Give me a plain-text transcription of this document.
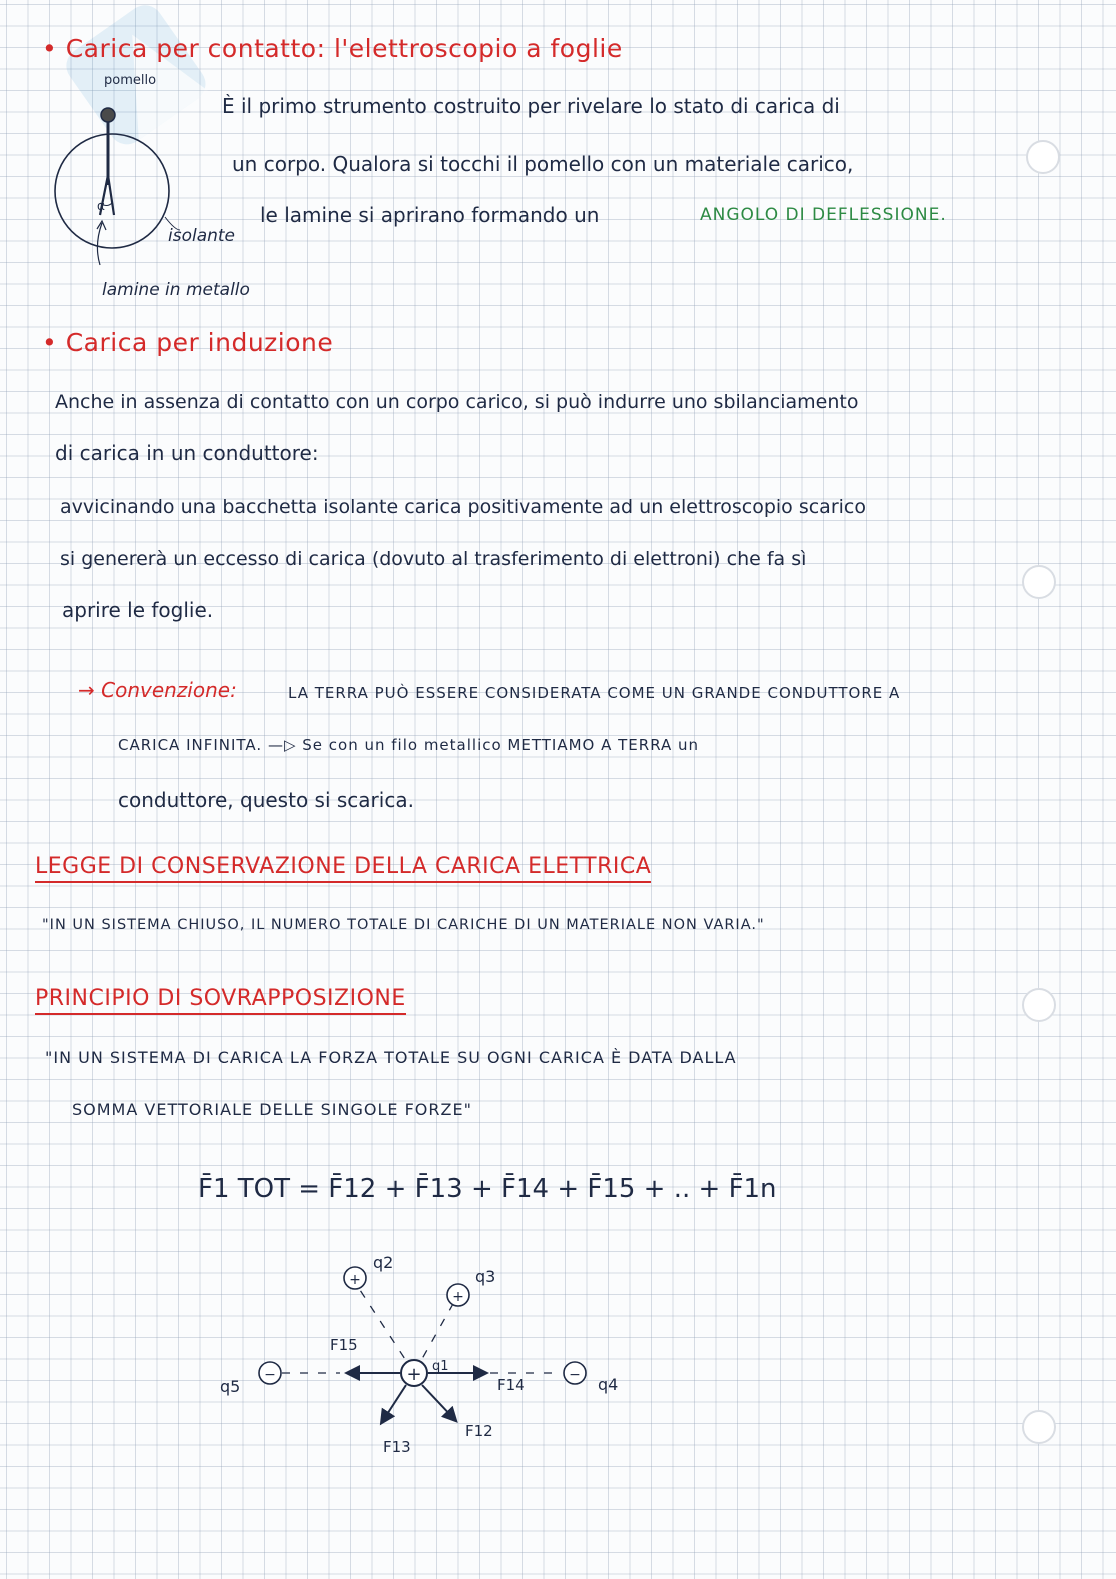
• Carica per contatto: l'elettroscopio a foglie
pomello
α
isolante
lamine in metallo
È il primo strumento costruito per rivelare lo stato di carica di
un corpo. Qualora si tocchi il pomello con un materiale carico,
le lamine si aprirano formando un	ANGOLO DI DEFLESSIONE.
• Carica per induzione
Anche in assenza di contatto con un corpo carico, si può indurre uno sbilanciamento
di carica in un conduttore:
avvicinando una bacchetta isolante carica positivamente ad un elettroscopio scarico
si genererà un eccesso di carica (dovuto al trasferimento di elettroni) che fa sì
aprire le foglie.
→ Convenzione:	LA TERRA PUÒ ESSERE CONSIDERATA COME UN GRANDE CONDUTTORE A
CARICA INFINITA. —▷ Se con un filo metallico METTIAMO A TERRA un
conduttore, questo si scarica.
LEGGE DI CONSERVAZIONE DELLA CARICA ELETTRICA
"IN UN SISTEMA CHIUSO, IL NUMERO TOTALE DI CARICHE DI UN MATERIALE NON VARIA."
PRINCIPIO DI SOVRAPPOSIZIONE
"IN UN SISTEMA DI CARICA LA FORZA TOTALE SU OGNI CARICA È DATA DALLA
SOMMA VETTORIALE DELLE SINGOLE FORZE"
F̄1 TOT = F̄12 + F̄13 + F̄14 + F̄15 + .. + F̄1n
+
+
+
−	−
q2
q3
q5	q4
q1
F15
F14
F12
F13
